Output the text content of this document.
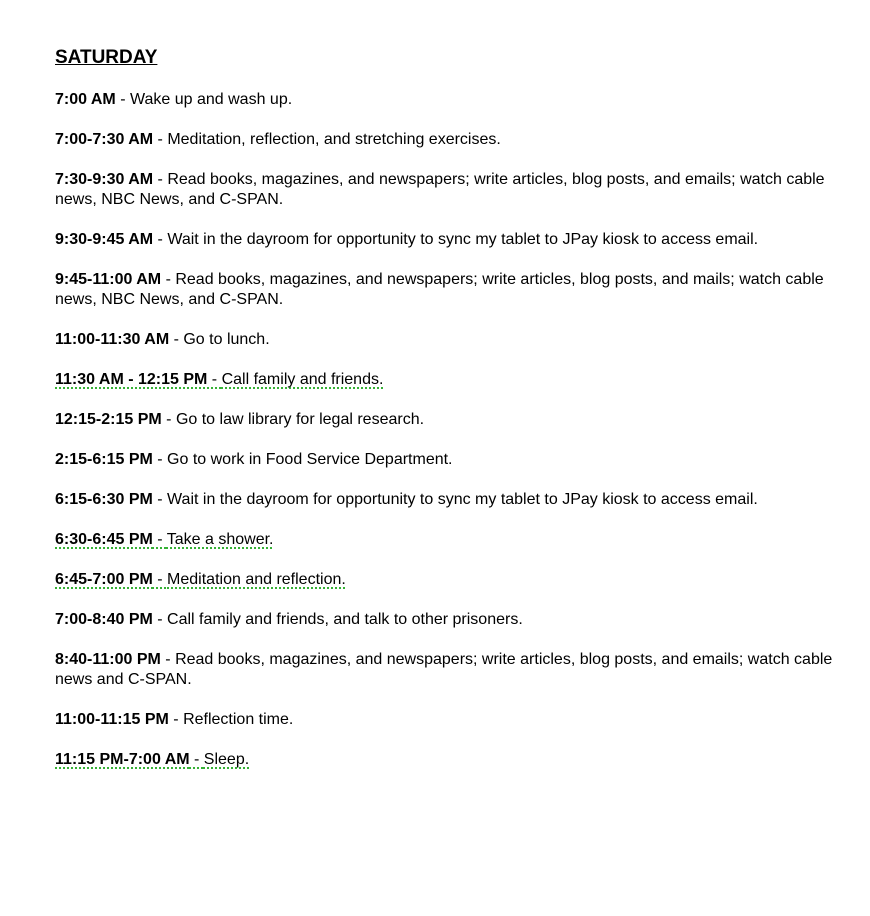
SATURDAY
7:00 AM - Wake up and wash up.
7:00-7:30 AM - Meditation, reflection, and stretching exercises.
7:30-9:30 AM - Read books, magazines, and newspapers; write articles, blog posts, and emails; watch cable news, NBC News, and C-SPAN.
9:30-9:45 AM - Wait in the dayroom for opportunity to sync my tablet to JPay kiosk to access email.
9:45-11:00 AM - Read books, magazines, and newspapers; write articles, blog posts, and mails; watch cable news, NBC News, and C-SPAN.
11:00-11:30 AM - Go to lunch.
11:30 AM - 12:15 PM - Call family and friends.
12:15-2:15 PM - Go to law library for legal research.
2:15-6:15 PM - Go to work in Food Service Department.
6:15-6:30 PM - Wait in the dayroom for opportunity to sync my tablet to JPay kiosk to access email.
6:30-6:45 PM - Take a shower.
6:45-7:00 PM - Meditation and reflection.
7:00-8:40 PM - Call family and friends, and talk to other prisoners.
8:40-11:00 PM - Read books, magazines, and newspapers; write articles, blog posts, and emails; watch cable news and C-SPAN.
11:00-11:15 PM - Reflection time.
11:15 PM-7:00 AM - Sleep.
